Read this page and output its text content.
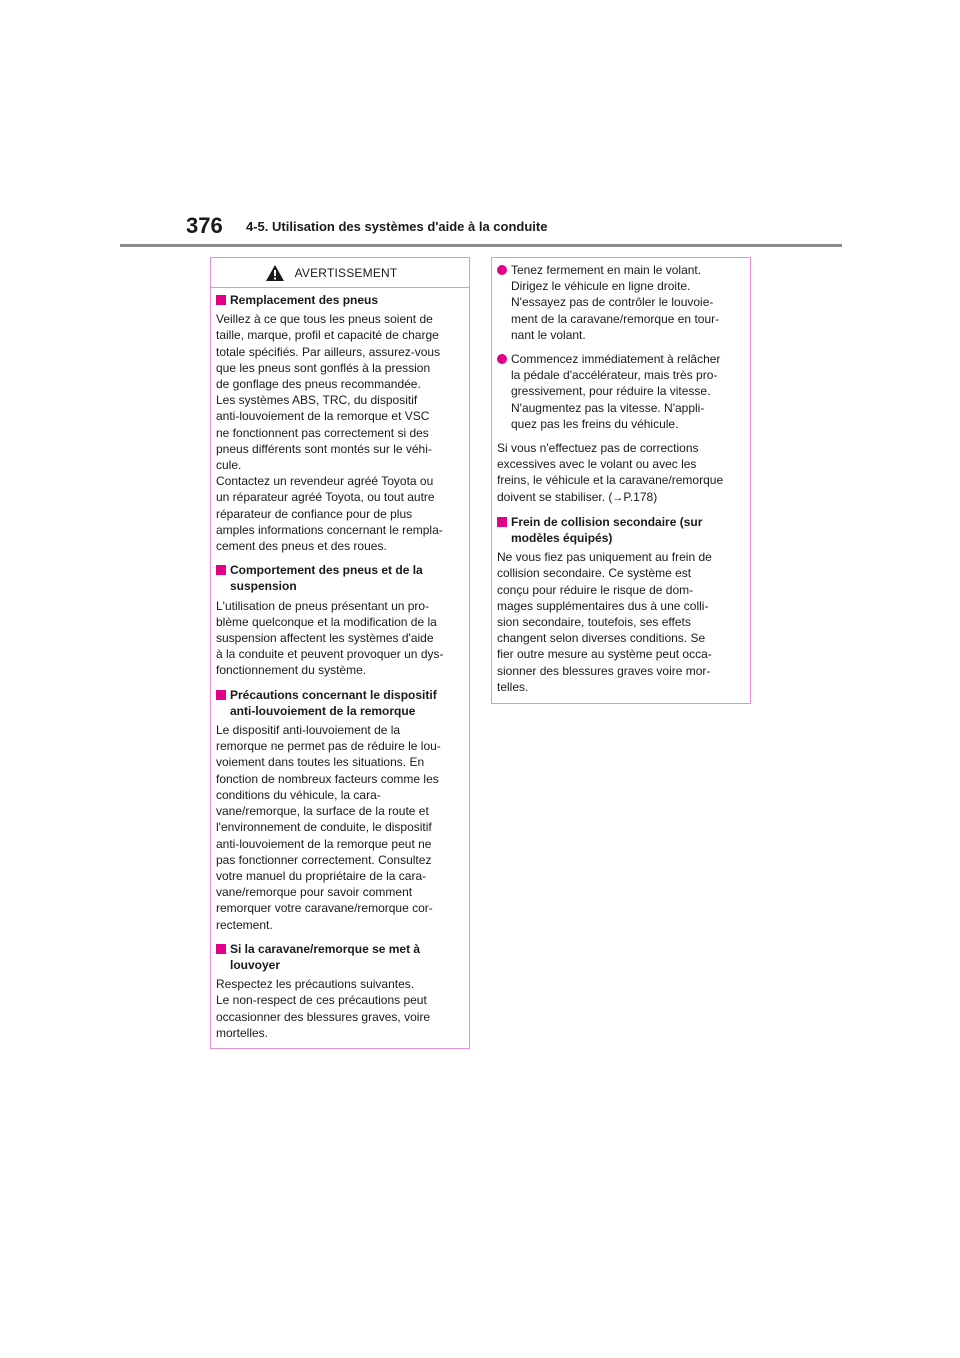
376 4-5. Utilisation des systèmes d'aide à la conduite
AVERTISSEMENT
Remplacement des pneus
Veillez à ce que tous les pneus soient de
taille, marque, profil et capacité de charge
totale spécifiés. Par ailleurs, assurez-vous
que les pneus sont gonflés à la pression
de gonflage des pneus recommandée.
Les systèmes ABS, TRC, du dispositif
anti-louvoiement de la remorque et VSC
ne fonctionnent pas correctement si des
pneus différents sont montés sur le véhi-
cule.
Contactez un revendeur agréé Toyota ou
un réparateur agréé Toyota, ou tout autre
réparateur de confiance pour de plus
amples informations concernant le rempla-
cement des pneus et des roues.
Comportement des pneus et de la
suspension
L'utilisation de pneus présentant un pro-
blème quelconque et la modification de la
suspension affectent les systèmes d'aide
à la conduite et peuvent provoquer un dys-
fonctionnement du système.
Précautions concernant le dispositif
anti-louvoiement de la remorque
Le dispositif anti-louvoiement de la
remorque ne permet pas de réduire le lou-
voiement dans toutes les situations. En
fonction de nombreux facteurs comme les
conditions du véhicule, la cara-
vane/remorque, la surface de la route et
l'environnement de conduite, le dispositif
anti-louvoiement de la remorque peut ne
pas fonctionner correctement. Consultez
votre manuel du propriétaire de la cara-
vane/remorque pour savoir comment
remorquer votre caravane/remorque cor-
rectement.
Si la caravane/remorque se met à
louvoyer
Respectez les précautions suivantes.
Le non-respect de ces précautions peut
occasionner des blessures graves, voire
mortelles.
Tenez fermement en main le volant.
Dirigez le véhicule en ligne droite.
N'essayez pas de contrôler le louvoie-
ment de la caravane/remorque en tour-
nant le volant.
Commencez immédiatement à relâcher
la pédale d'accélérateur, mais très pro-
gressivement, pour réduire la vitesse.
N'augmentez pas la vitesse. N'appli-
quez pas les freins du véhicule.
Si vous n'effectuez pas de corrections
excessives avec le volant ou avec les
freins, le véhicule et la caravane/remorque
doivent se stabiliser. (→P.178)
Frein de collision secondaire (sur
modèles équipés)
Ne vous fiez pas uniquement au frein de
collision secondaire. Ce système est
conçu pour réduire le risque de dom-
mages supplémentaires dus à une colli-
sion secondaire, toutefois, ses effets
changent selon diverses conditions. Se
fier outre mesure au système peut occa-
sionner des blessures graves voire mor-
telles.
